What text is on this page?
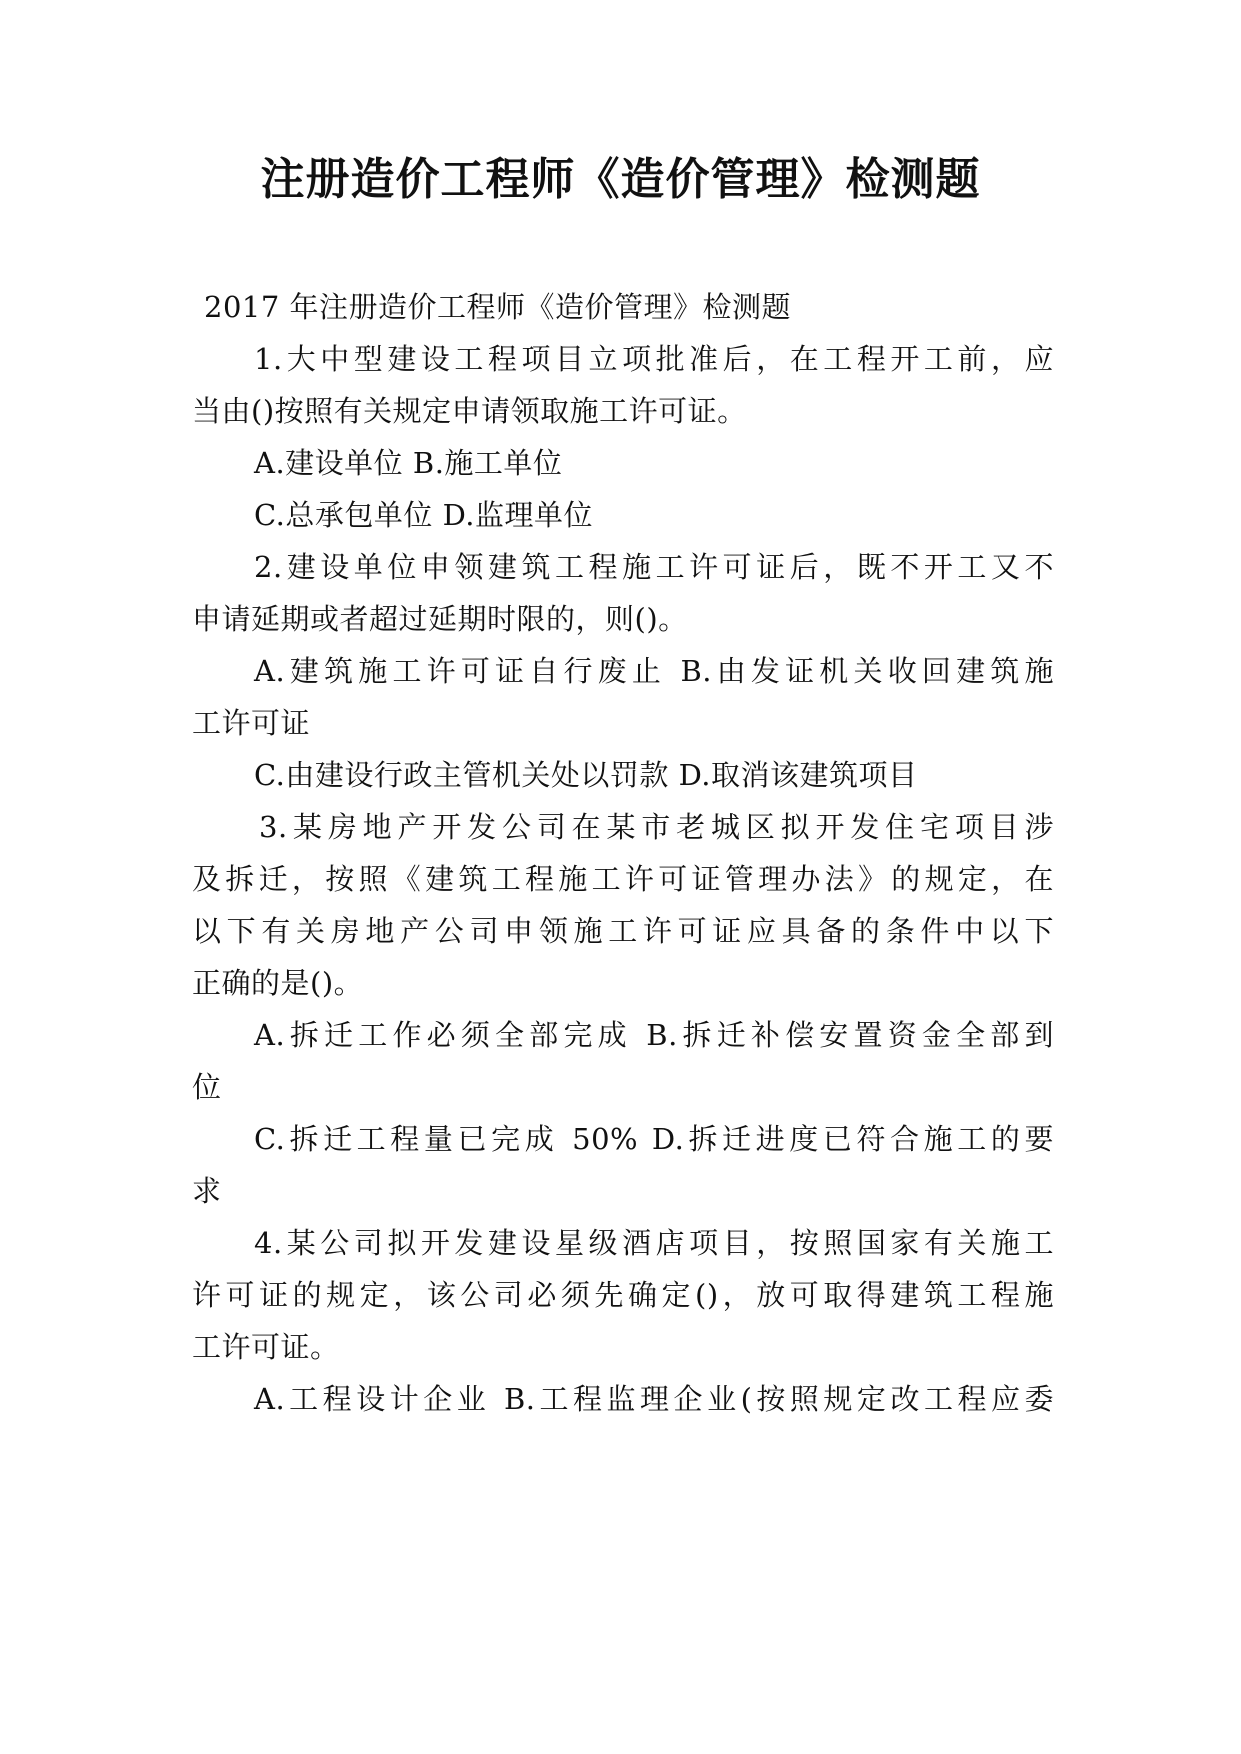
注册造价工程师《造价管理》检测题
2017 年注册造价工程师《造价管理》检测题
1.大中型建设工程项目立项批准后，在工程开工前，应
当由()按照有关规定申请领取施工许可证。
A.建设单位 B.施工单位
C.总承包单位 D.监理单位
2.建设单位申领建筑工程施工许可证后，既不开工又不
申请延期或者超过延期时限的，则()。
A.建筑施工许可证自行废止 B.由发证机关收回建筑施
工许可证
C.由建设行政主管机关处以罚款 D.取消该建筑项目
3.某房地产开发公司在某市老城区拟开发住宅项目涉
及拆迁，按照《建筑工程施工许可证管理办法》的规定，在
以下有关房地产公司申领施工许可证应具备的条件中以下
正确的是()。
A.拆迁工作必须全部完成 B.拆迁补偿安置资金全部到
位
C.拆迁工程量已完成 50% D.拆迁进度已符合施工的要
求
4.某公司拟开发建设星级酒店项目，按照国家有关施工
许可证的规定，该公司必须先确定()，放可取得建筑工程施
工许可证。
A.工程设计企业 B.工程监理企业(按照规定改工程应委
